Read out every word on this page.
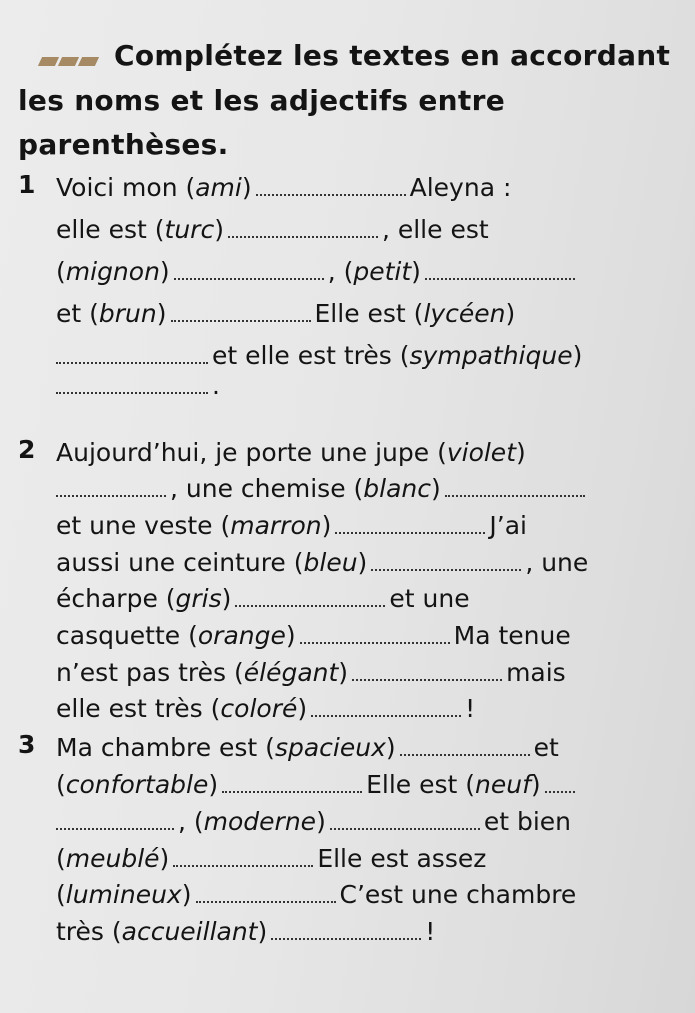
Complétez les textes en accordant
les noms et les adjectifs entre
parenthèses.
1 Voici mon (ami)	Aleyna :
elle est (turc)	, elle est
(mignon)	, (petit)
et (brun)	Elle est (lycéen)
et elle est très (sympathique)
.
2 Aujourd’hui, je porte une jupe (violet)
, une chemise (blanc)
et une veste (marron)	J’ai
aussi une ceinture (bleu)	, une
écharpe (gris)	et une
casquette (orange)	Ma tenue
n’est pas très (élégant)	mais
elle est très (coloré)	!
3 Ma chambre est (spacieux)	et
(confortable)	Elle est (neuf)
, (moderne)	et bien
(meublé)	Elle est assez
(lumineux)	C’est une chambre
très (accueillant)	!
